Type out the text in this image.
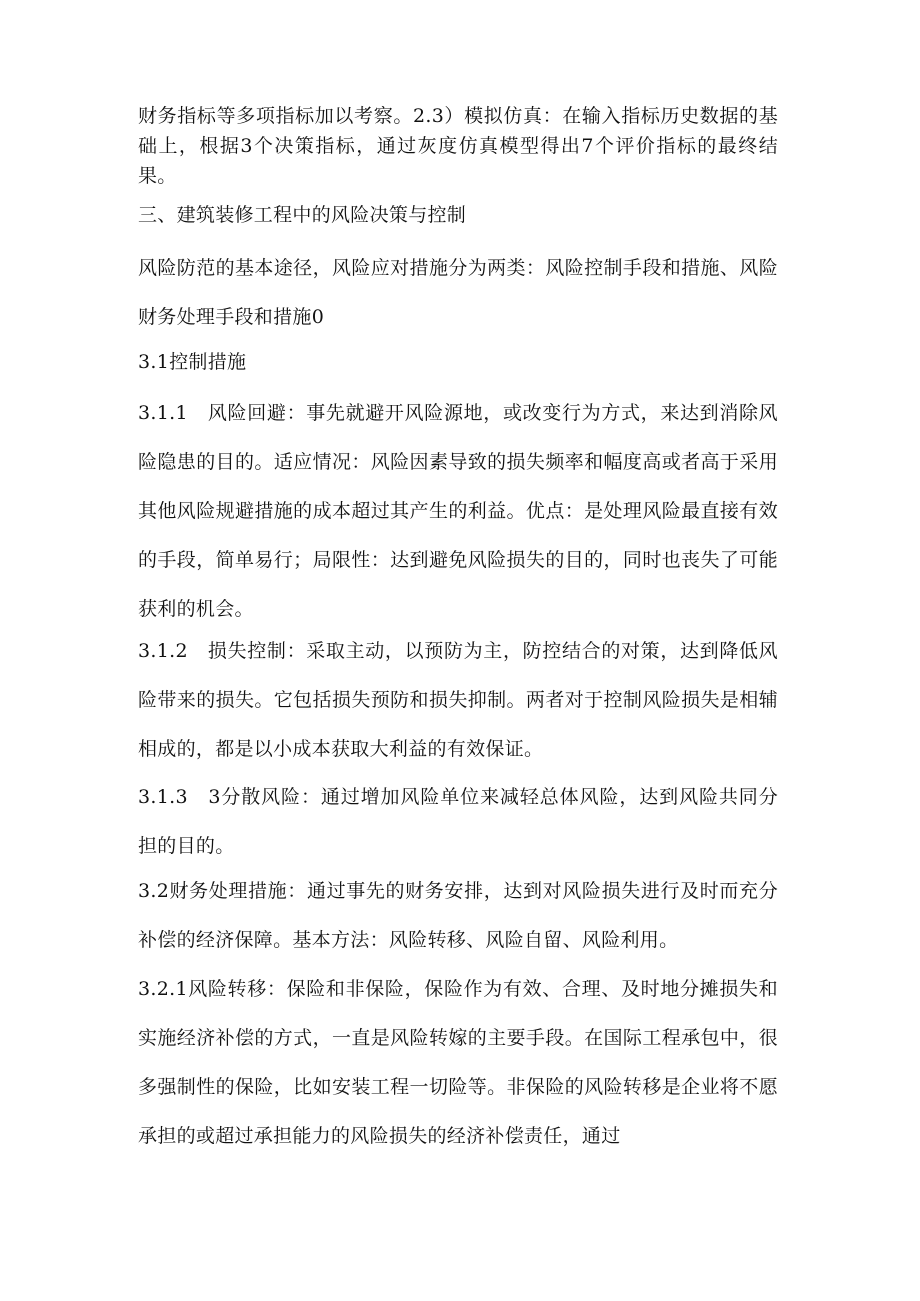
财务指标等多项指标加以考察。2.3）模拟仿真：在输入指标历史数据的基础上，根据3个决策指标，通过灰度仿真模型得出7个评价指标的最终结果。

三、建筑装修工程中的风险决策与控制

风险防范的基本途径，风险应对措施分为两类：风险控制手段和措施、风险财务处理手段和措施0

3.1控制措施

3.1.1　风险回避：事先就避开风险源地，或改变行为方式，来达到消除风险隐患的目的。适应情况：风险因素导致的损失频率和幅度高或者高于采用其他风险规避措施的成本超过其产生的利益。优点：是处理风险最直接有效的手段，简单易行；局限性：达到避免风险损失的目的，同时也丧失了可能获利的机会。

3.1.2　损失控制：采取主动，以预防为主，防控结合的对策，达到降低风险带来的损失。它包括损失预防和损失抑制。两者对于控制风险损失是相辅相成的，都是以小成本获取大利益的有效保证。

3.1.3　3分散风险：通过增加风险单位来减轻总体风险，达到风险共同分担的目的。

3.2财务处理措施：通过事先的财务安排，达到对风险损失进行及时而充分补偿的经济保障。基本方法：风险转移、风险自留、风险利用。

3.2.1风险转移：保险和非保险，保险作为有效、合理、及时地分摊损失和实施经济补偿的方式，一直是风险转嫁的主要手段。在国际工程承包中，很多强制性的保险，比如安装工程一切险等。非保险的风险转移是企业将不愿承担的或超过承担能力的风险损失的经济补偿责任，通过
